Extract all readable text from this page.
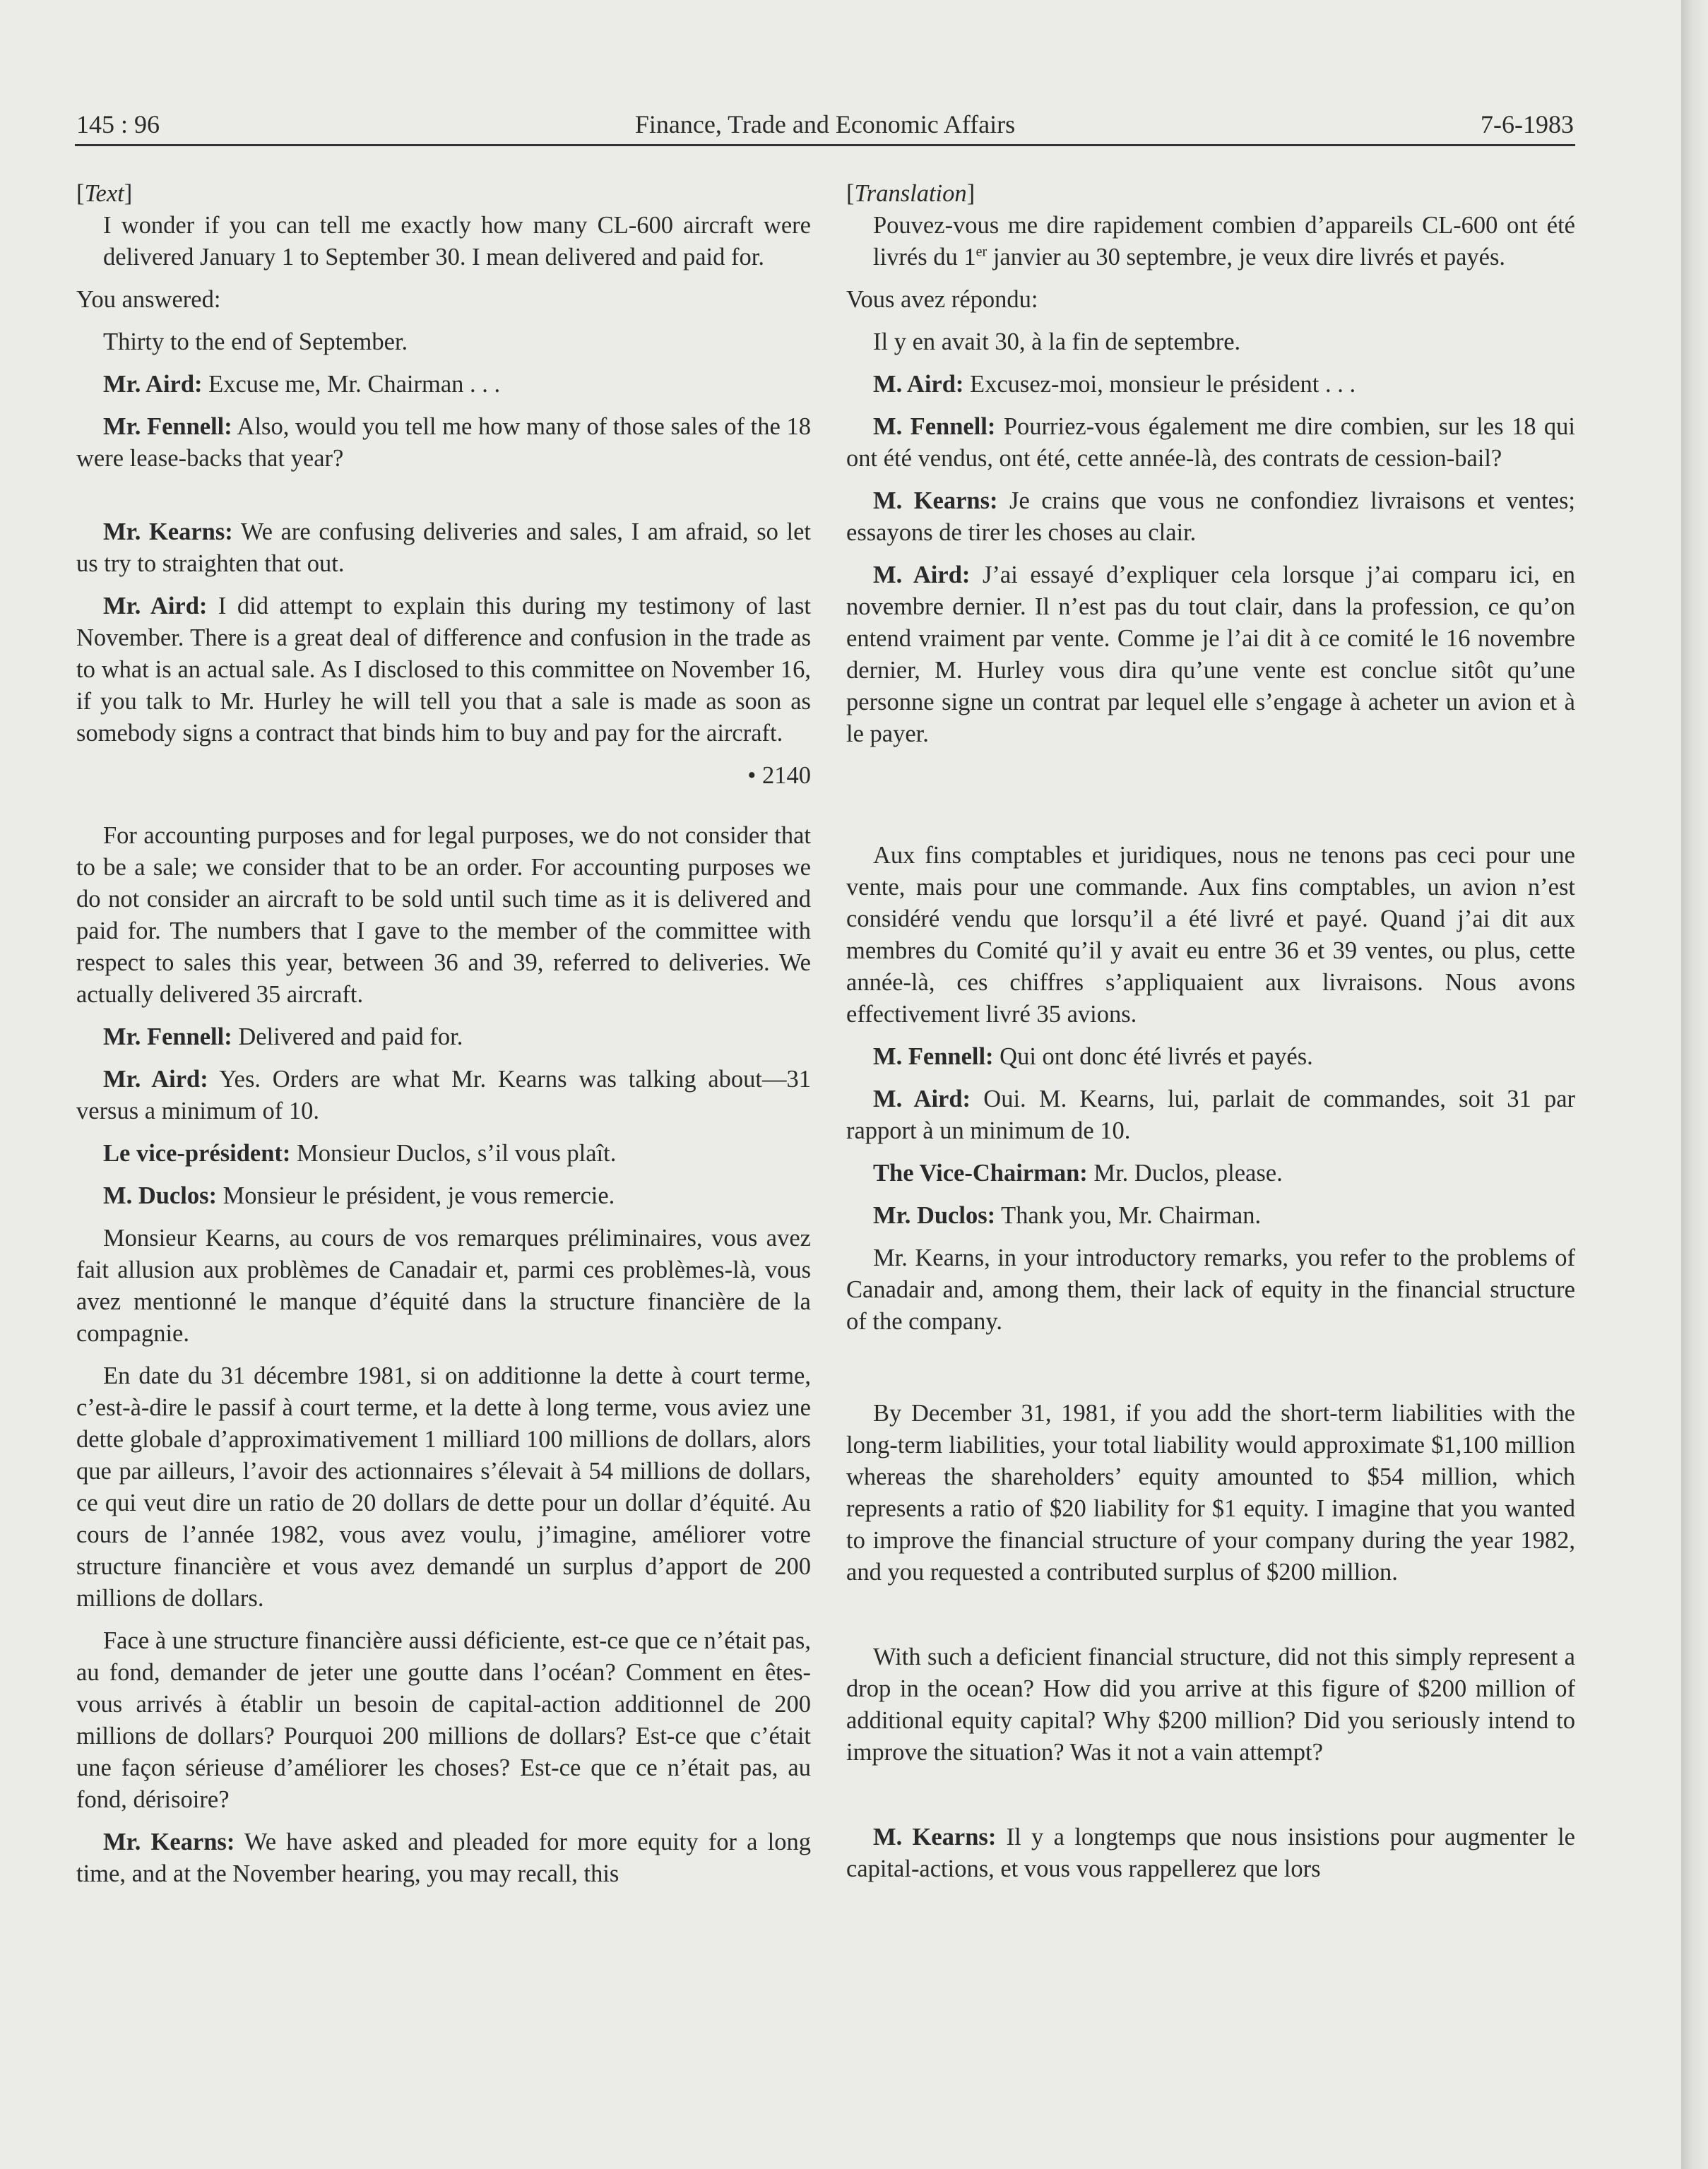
145 : 96	Finance, Trade and Economic Affairs	7-6-1983

[Text]

I wonder if you can tell me exactly how many CL-600 aircraft were delivered January 1 to September 30. I mean delivered and paid for.

You answered:

Thirty to the end of September.

Mr. Aird: Excuse me, Mr. Chairman . . .

Mr. Fennell: Also, would you tell me how many of those sales of the 18 were lease-backs that year?

Mr. Kearns: We are confusing deliveries and sales, I am afraid, so let us try to straighten that out.

Mr. Aird: I did attempt to explain this during my testimony of last November. There is a great deal of difference and confusion in the trade as to what is an actual sale. As I disclosed to this committee on November 16, if you talk to Mr. Hurley he will tell you that a sale is made as soon as somebody signs a contract that binds him to buy and pay for the aircraft.

• 2140

For accounting purposes and for legal purposes, we do not consider that to be a sale; we consider that to be an order. For accounting purposes we do not consider an aircraft to be sold until such time as it is delivered and paid for. The numbers that I gave to the member of the committee with respect to sales this year, between 36 and 39, referred to deliveries. We actually delivered 35 aircraft.

Mr. Fennell: Delivered and paid for.

Mr. Aird: Yes. Orders are what Mr. Kearns was talking about—31 versus a minimum of 10.

Le vice-président: Monsieur Duclos, s’il vous plaît.

M. Duclos: Monsieur le président, je vous remercie.

Monsieur Kearns, au cours de vos remarques préliminaires, vous avez fait allusion aux problèmes de Canadair et, parmi ces problèmes-là, vous avez mentionné le manque d’équité dans la structure financière de la compagnie.

En date du 31 décembre 1981, si on additionne la dette à court terme, c’est-à-dire le passif à court terme, et la dette à long terme, vous aviez une dette globale d’approximativement 1 milliard 100 millions de dollars, alors que par ailleurs, l’avoir des actionnaires s’élevait à 54 millions de dollars, ce qui veut dire un ratio de 20 dollars de dette pour un dollar d’équité. Au cours de l’année 1982, vous avez voulu, j’imagine, améliorer votre structure financière et vous avez demandé un surplus d’apport de 200 millions de dollars.

Face à une structure financière aussi déficiente, est-ce que ce n’était pas, au fond, demander de jeter une goutte dans l’océan? Comment en êtes-vous arrivés à établir un besoin de capital-action additionnel de 200 millions de dollars? Pourquoi 200 millions de dollars? Est-ce que c’était une façon sérieuse d’améliorer les choses? Est-ce que ce n’était pas, au fond, dérisoire?

Mr. Kearns: We have asked and pleaded for more equity for a long time, and at the November hearing, you may recall, this

[Translation]

Pouvez-vous me dire rapidement combien d’appareils CL-600 ont été livrés du 1er janvier au 30 septembre, je veux dire livrés et payés.

Vous avez répondu:

Il y en avait 30, à la fin de septembre.

M. Aird: Excusez-moi, monsieur le président . . .

M. Fennell: Pourriez-vous également me dire combien, sur les 18 qui ont été vendus, ont été, cette année-là, des contrats de cession-bail?

M. Kearns: Je crains que vous ne confondiez livraisons et ventes; essayons de tirer les choses au clair.

M. Aird: J’ai essayé d’expliquer cela lorsque j’ai comparu ici, en novembre dernier. Il n’est pas du tout clair, dans la profession, ce qu’on entend vraiment par vente. Comme je l’ai dit à ce comité le 16 novembre dernier, M. Hurley vous dira qu’une vente est conclue sitôt qu’une personne signe un contrat par lequel elle s’engage à acheter un avion et à le payer.

Aux fins comptables et juridiques, nous ne tenons pas ceci pour une vente, mais pour une commande. Aux fins comptables, un avion n’est considéré vendu que lorsqu’il a été livré et payé. Quand j’ai dit aux membres du Comité qu’il y avait eu entre 36 et 39 ventes, ou plus, cette année-là, ces chiffres s’appliquaient aux livraisons. Nous avons effectivement livré 35 avions.

M. Fennell: Qui ont donc été livrés et payés.

M. Aird: Oui. M. Kearns, lui, parlait de commandes, soit 31 par rapport à un minimum de 10.

The Vice-Chairman: Mr. Duclos, please.

Mr. Duclos: Thank you, Mr. Chairman.

Mr. Kearns, in your introductory remarks, you refer to the problems of Canadair and, among them, their lack of equity in the financial structure of the company.

By December 31, 1981, if you add the short-term liabilities with the long-term liabilities, your total liability would approximate $1,100 million whereas the shareholders’ equity amounted to $54 million, which represents a ratio of $20 liability for $1 equity. I imagine that you wanted to improve the financial structure of your company during the year 1982, and you requested a contributed surplus of $200 million.

With such a deficient financial structure, did not this simply represent a drop in the ocean? How did you arrive at this figure of $200 million of additional equity capital? Why $200 million? Did you seriously intend to improve the situation? Was it not a vain attempt?

M. Kearns: Il y a longtemps que nous insistions pour augmenter le capital-actions, et vous vous rappellerez que lors
